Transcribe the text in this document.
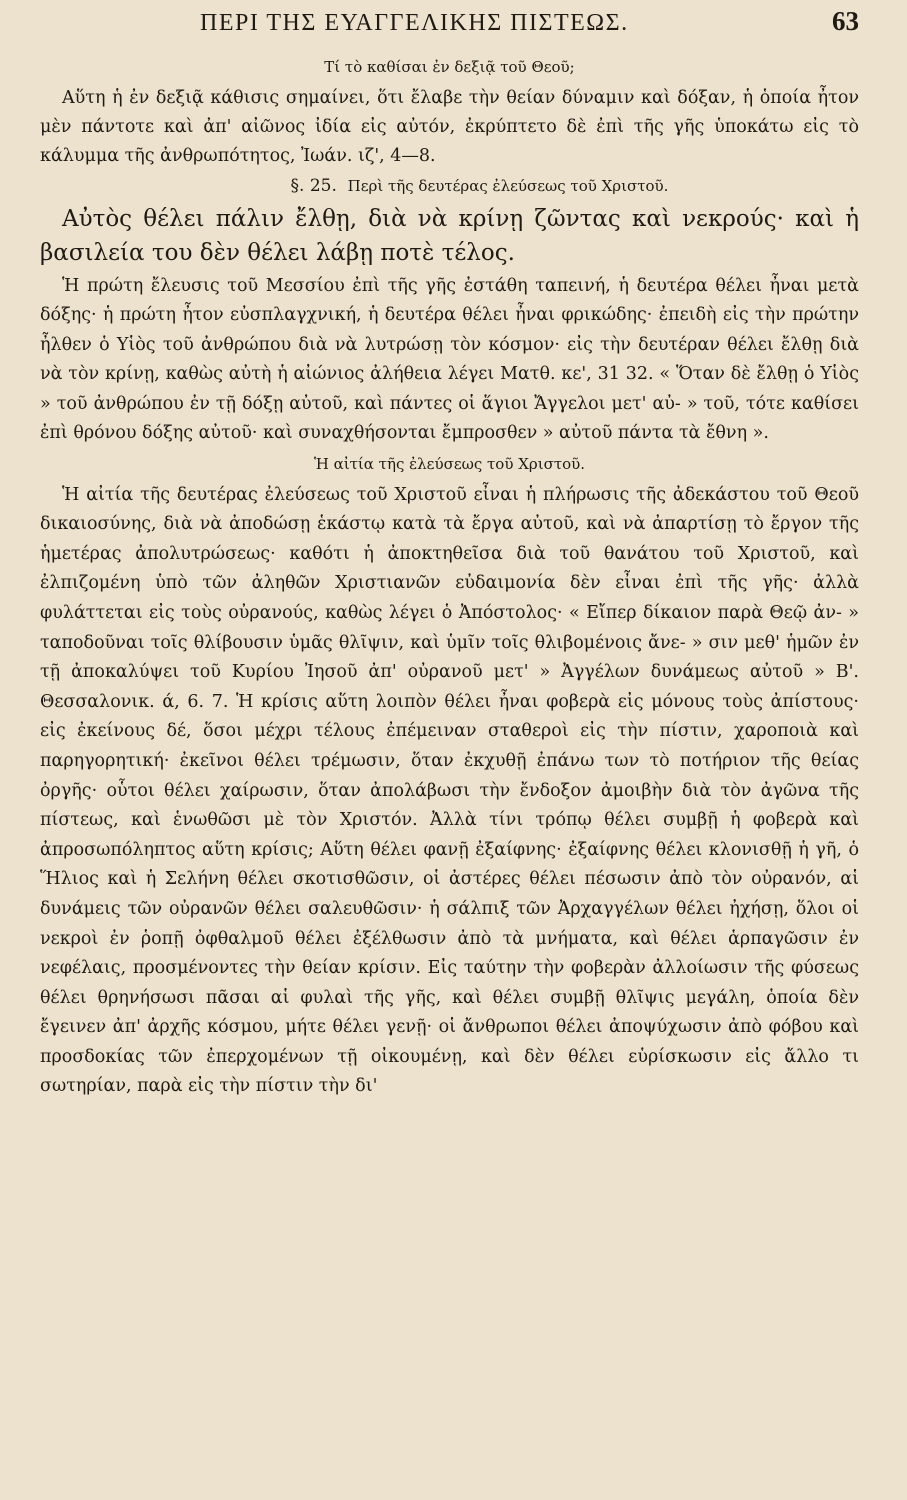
ΠΕΡΙ ΤΗΣ ΕΥΑΓΓΕΛΙΚΗΣ ΠΙΣΤΕΩΣ.	63

Τί τὸ καθίσαι ἐν δεξιᾷ τοῦ Θεοῦ;

Αὕτη ἡ ἐν δεξιᾷ κάθισις σημαίνει, ὅτι ἔλαβε τὴν θείαν δύναμιν καὶ δόξαν, ἡ ὁποία ἦτον μὲν πάντοτε καὶ ἀπ' αἰῶνος ἰδία εἰς αὐτόν, ἐκρύπτετο δὲ ἐπὶ τῆς γῆς ὑποκάτω εἰς τὸ κάλυμμα τῆς ἀνθρωπότητος, Ἰωάν. ιζ', 4—8.

§. 25. Περὶ τῆς δευτέρας ἐλεύσεως τοῦ Χριστοῦ.

Αὐτὸς θέλει πάλιν ἔλθῃ, διὰ νὰ κρίνῃ ζῶντας καὶ νεκρούς· καὶ ἡ βασιλεία του δὲν θέλει λάβῃ ποτὲ τέλος.

Ἡ πρώτη ἔλευσις τοῦ Μεσσίου ἐπὶ τῆς γῆς ἐστάθη ταπεινή, ἡ δευτέρα θέλει ἦναι μετὰ δόξης· ἡ πρώτη ἦτον εὐσπλαγχνική, ἡ δευτέρα θέλει ἦναι φρικώδης· ἐπειδὴ εἰς τὴν πρώτην ἦλθεν ὁ Υἱὸς τοῦ ἀνθρώπου διὰ νὰ λυτρώσῃ τὸν κόσμον· εἰς τὴν δευτέραν θέλει ἔλθῃ διὰ νὰ τὸν κρίνῃ, καθὼς αὐτὴ ἡ αἰώνιος ἀλήθεια λέγει Ματθ. κε', 31 32. « Ὅταν δὲ ἔλθῃ ὁ Υἱὸς » τοῦ ἀνθρώπου ἐν τῇ δόξῃ αὐτοῦ, καὶ πάντες οἱ ἅγιοι Ἄγγελοι μετ' αὐ- » τοῦ, τότε καθίσει ἐπὶ θρόνου δόξης αὐτοῦ· καὶ συναχθήσονται ἔμπροσθεν » αὐτοῦ πάντα τὰ ἔθνη ».

Ἡ αἰτία τῆς ἐλεύσεως τοῦ Χριστοῦ.

Ἡ αἰτία τῆς δευτέρας ἐλεύσεως τοῦ Χριστοῦ εἶναι ἡ πλήρωσις τῆς ἀδεκάστου τοῦ Θεοῦ δικαιοσύνης, διὰ νὰ ἀποδώσῃ ἑκάστῳ κατὰ τὰ ἔργα αὐτοῦ, καὶ νὰ ἀπαρτίσῃ τὸ ἔργον τῆς ἡμετέρας ἀπολυτρώσεως· καθότι ἡ ἀποκτηθεῖσα διὰ τοῦ θανάτου τοῦ Χριστοῦ, καὶ ἐλπιζομένη ὑπὸ τῶν ἀληθῶν Χριστιανῶν εὐδαιμονία δὲν εἶναι ἐπὶ τῆς γῆς· ἀλλὰ φυλάττεται εἰς τοὺς οὐρανούς, καθὼς λέγει ὁ Ἀπόστολος· « Εἴπερ δίκαιον παρὰ Θεῷ ἀν- » ταποδοῦναι τοῖς θλίβουσιν ὑμᾶς θλῖψιν, καὶ ὑμῖν τοῖς θλιβομένοις ἄνε- » σιν μεθ' ἡμῶν ἐν τῇ ἀποκαλύψει τοῦ Κυρίου Ἰησοῦ ἀπ' οὐρανοῦ μετ' » Ἀγγέλων δυνάμεως αὐτοῦ » Β'. Θεσσαλονικ. ά, 6. 7. Ἡ κρίσις αὕτη λοιπὸν θέλει ἦναι φοβερὰ εἰς μόνους τοὺς ἀπίστους· εἰς ἐκείνους δέ, ὅσοι μέχρι τέλους ἐπέμειναν σταθεροὶ εἰς τὴν πίστιν, χαροποιὰ καὶ παρηγορητική· ἐκεῖνοι θέλει τρέμωσιν, ὅταν ἐκχυθῇ ἐπάνω των τὸ ποτήριον τῆς θείας ὀργῆς· οὗτοι θέλει χαίρωσιν, ὅταν ἀπολάβωσι τὴν ἔνδοξον ἀμοιβὴν διὰ τὸν ἀγῶνα τῆς πίστεως, καὶ ἑνωθῶσι μὲ τὸν Χριστόν. Ἀλλὰ τίνι τρόπῳ θέλει συμβῇ ἡ φοβερὰ καὶ ἀπροσωπόληπτος αὕτη κρίσις; Αὕτη θέλει φανῇ ἐξαίφνης· ἐξαίφνης θέλει κλονισθῇ ἡ γῆ, ὁ Ἥλιος καὶ ἡ Σελήνη θέλει σκοτισθῶσιν, οἱ ἀστέρες θέλει πέσωσιν ἀπὸ τὸν οὐρανόν, αἱ δυνάμεις τῶν οὐρανῶν θέλει σαλευθῶσιν· ἡ σάλπιξ τῶν Ἀρχαγγέλων θέλει ἠχήσῃ, ὅλοι οἱ νεκροὶ ἐν ῥοπῇ ὀφθαλμοῦ θέλει ἐξέλθωσιν ἀπὸ τὰ μνήματα, καὶ θέλει ἁρπαγῶσιν ἐν νεφέλαις, προσμένοντες τὴν θείαν κρίσιν. Εἰς ταύτην τὴν φοβερὰν ἀλλοίωσιν τῆς φύσεως θέλει θρηνήσωσι πᾶσαι αἱ φυλαὶ τῆς γῆς, καὶ θέλει συμβῇ θλῖψις μεγάλη, ὁποία δὲν ἔγεινεν ἀπ' ἀρχῆς κόσμου, μήτε θέλει γενῇ· οἱ ἄνθρωποι θέλει ἀποψύχωσιν ἀπὸ φόβου καὶ προσδοκίας τῶν ἐπερχομένων τῇ οἰκουμένῃ, καὶ δὲν θέλει εὑρίσκωσιν εἰς ἄλλο τι σωτηρίαν, παρὰ εἰς τὴν πίστιν τὴν δι'
